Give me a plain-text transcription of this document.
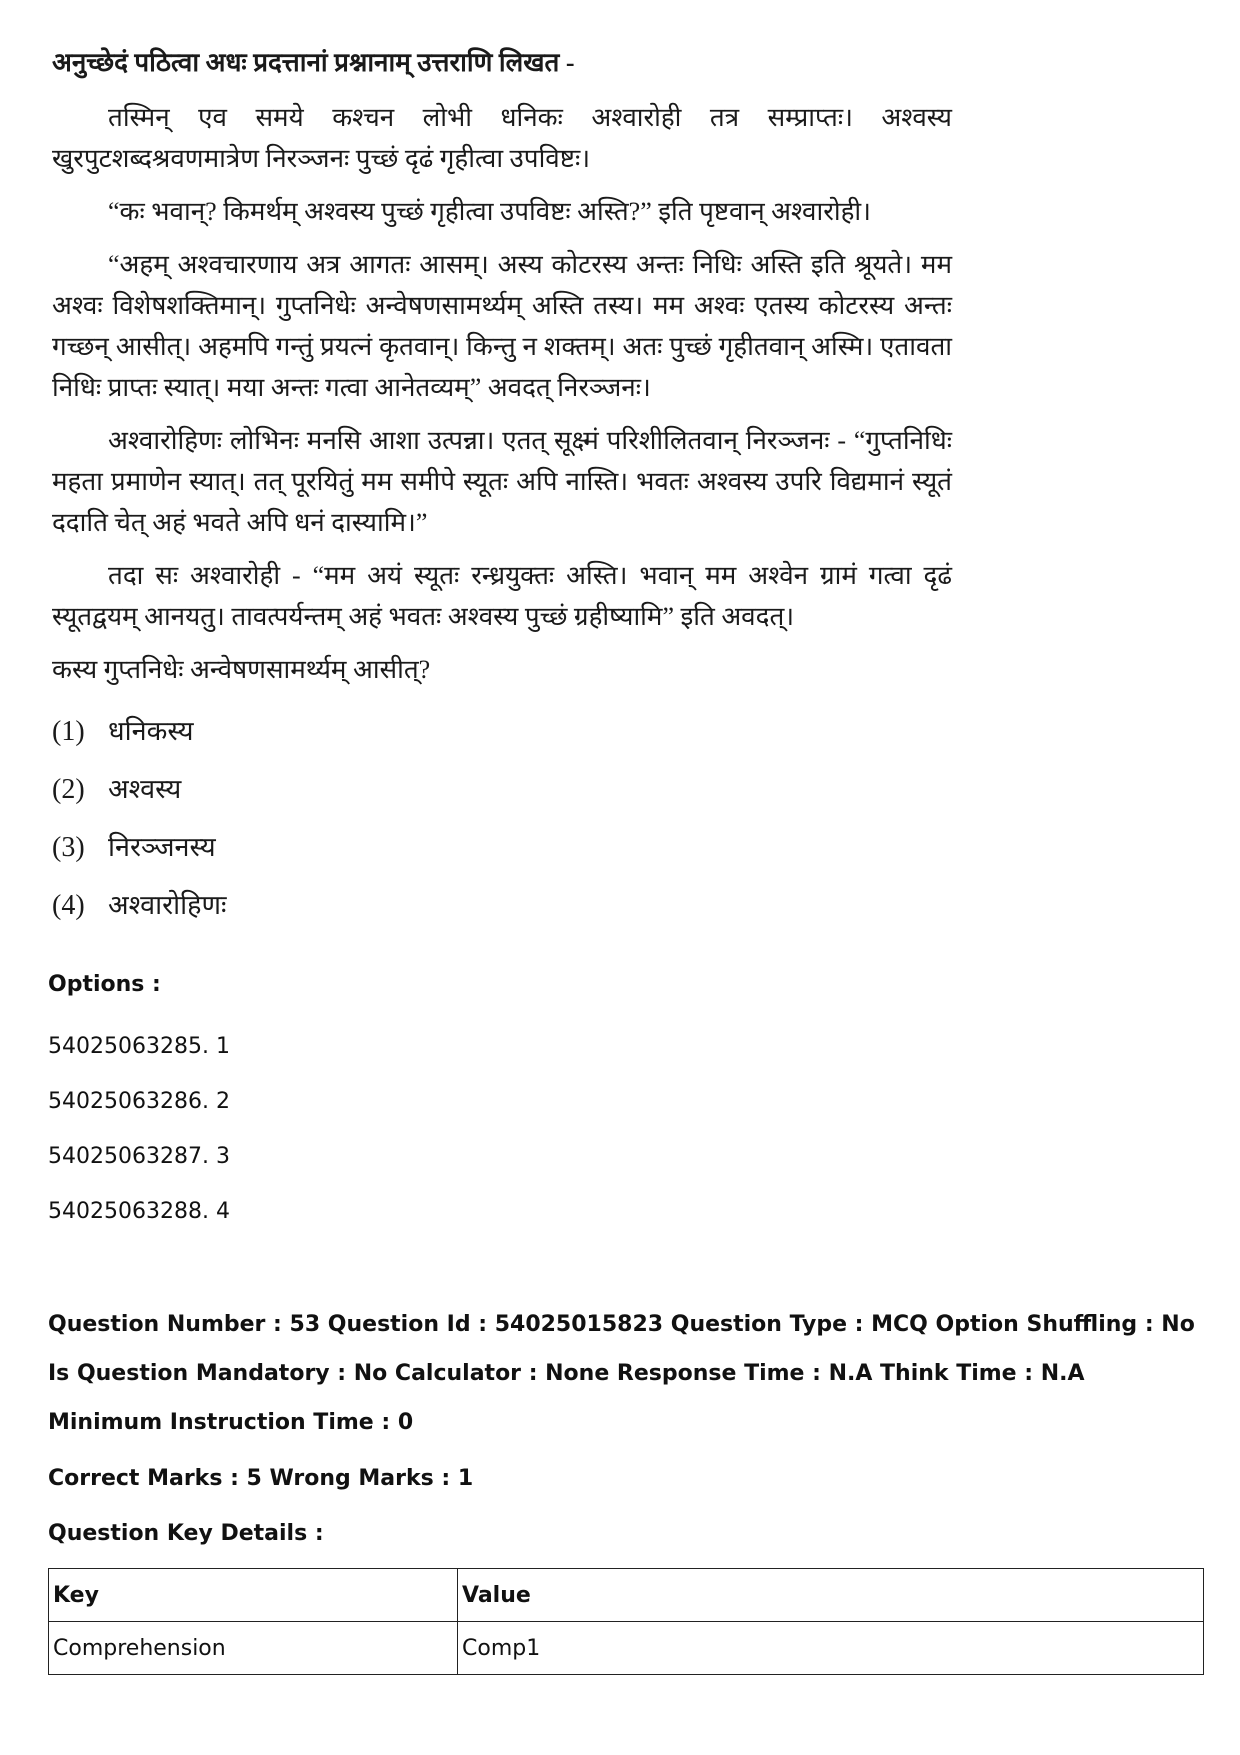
अनुच्छेदं पठित्वा अधः प्रदत्तानां प्रश्नानाम् उत्तराणि लिखत -

तस्मिन् एव समये कश्चन लोभी धनिकः अश्वारोही तत्र सम्प्राप्तः। अश्वस्य खुरपुटशब्दश्रवणमात्रेण निरञ्जनः पुच्छं दृढं गृहीत्वा उपविष्टः।

“कः भवान्? किमर्थम् अश्वस्य पुच्छं गृहीत्वा उपविष्टः अस्ति?” इति पृष्टवान् अश्वारोही।

“अहम् अश्वचारणाय अत्र आगतः आसम्। अस्य कोटरस्य अन्तः निधिः अस्ति इति श्रूयते। मम अश्वः विशेषशक्तिमान्। गुप्तनिधेः अन्वेषणसामर्थ्यम् अस्ति तस्य। मम अश्वः एतस्य कोटरस्य अन्तः गच्छन् आसीत्। अहमपि गन्तुं प्रयत्नं कृतवान्। किन्तु न शक्तम्। अतः पुच्छं गृहीतवान् अस्मि। एतावता निधिः प्राप्तः स्यात्। मया अन्तः गत्वा आनेतव्यम्” अवदत् निरञ्जनः।

अश्वारोहिणः लोभिनः मनसि आशा उत्पन्ना। एतत् सूक्ष्मं परिशीलितवान् निरञ्जनः - “गुप्तनिधिः महता प्रमाणेन स्यात्। तत् पूरयितुं मम समीपे स्यूतः अपि नास्ति। भवतः अश्वस्य उपरि विद्यमानं स्यूतं ददाति चेत् अहं भवते अपि धनं दास्यामि।”

तदा सः अश्वारोही - “मम अयं स्यूतः रन्ध्रयुक्तः अस्ति। भवान् मम अश्वेन ग्रामं गत्वा दृढं स्यूतद्वयम् आनयतु। तावत्पर्यन्तम् अहं भवतः अश्वस्य पुच्छं ग्रहीष्यामि” इति अवदत्।

कस्य गुप्तनिधेः अन्वेषणसामर्थ्यम् आसीत्?

(1) धनिकस्य
(2) अश्वस्य
(3) निरञ्जनस्य
(4) अश्वारोहिणः
Options :
54025063285. 1
54025063286. 2
54025063287. 3
54025063288. 4
Question Number : 53 Question Id : 54025015823 Question Type : MCQ Option Shuffling : No
Is Question Mandatory : No Calculator : None Response Time : N.A Think Time : N.A
Minimum Instruction Time : 0
Correct Marks : 5 Wrong Marks : 1
Question Key Details :
Key	Value
Comprehension	Comp1
